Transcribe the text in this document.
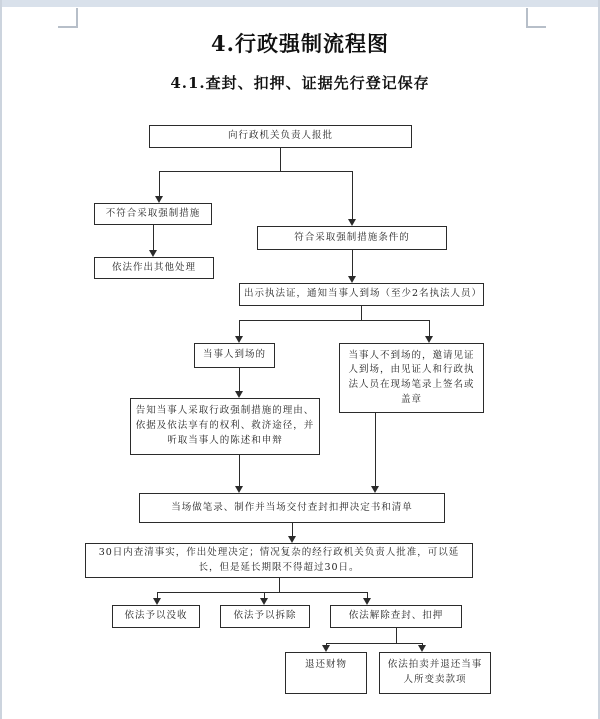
4.行政强制流程图
4.1.查封、扣押、证据先行登记保存
向行政机关负责人报批
不符合采取强制措施
依法作出其他处理
符合采取强制措施条件的
出示执法证，通知当事人到场（至少2名执法人员）
当事人到场的	当事人不到场的，邀请见证人到场，由见证人和行政执法人员在现场笔录上签名或盖章
告知当事人采取行政强制措施的理由、依据及依法享有的权利、救济途径，并听取当事人的陈述和申辩
当场做笔录、制作并当场交付查封扣押决定书和清单
30日内查清事实，作出处理决定；情况复杂的经行政机关负责人批准，可以延长，但是延长期限不得超过30日。
依法予以没收	依法予以拆除	依法解除查封、扣押
退还财物	依法拍卖并退还当事人所变卖款项
